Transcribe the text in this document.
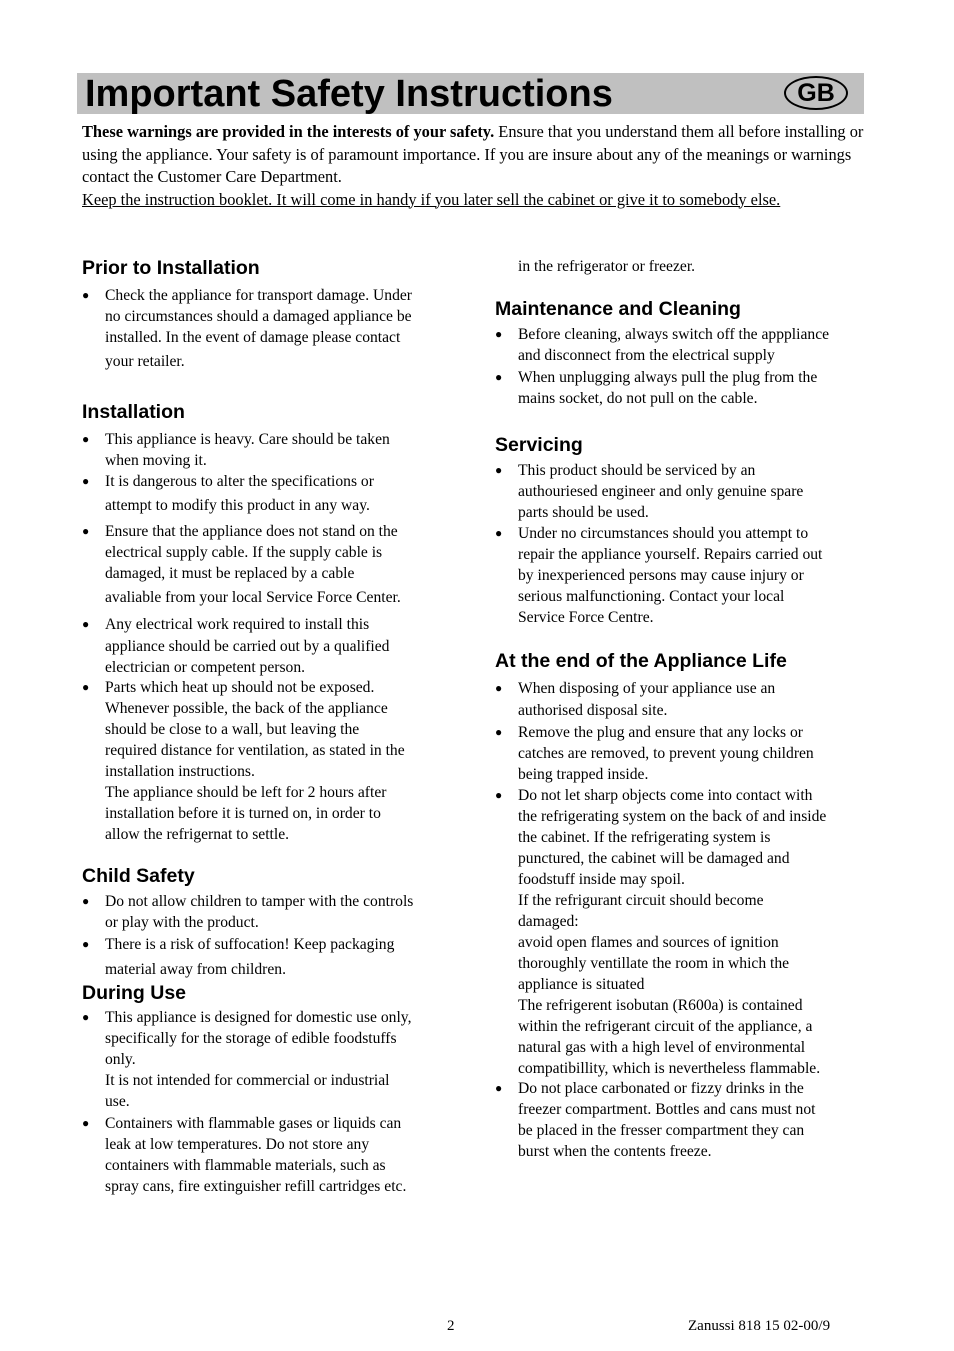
Important Safety Instructions	GB
These warnings are provided in the interests of your safety. Ensure that you understand them all before installing or using the appliance. Your safety is of paramount importance. If you are insure about any of the meanings or warnings contact the Customer Care Department.
Keep the instruction booklet. It will come in handy if you later sell the cabinet or give it to somebody else.
Prior to Installation
●	Check the appliance for transport damage. Under
no circumstances should a damaged appliance be
installed. In the event of damage please contact
your retailer.
Installation
●	This appliance is heavy. Care should be taken
when moving it.
●	It is dangerous to alter the specifications or
attempt to modify this product in any way.
●	Ensure that the appliance does not stand on the
electrical supply cable. If the supply cable is
damaged, it must be replaced by a cable
avaliable from your local Service Force Center.
●	Any electrical work required to install this
appliance should be carried out by a qualified
electrician or competent person.
●	Parts which heat up should not be exposed.
Whenever possible, the back of the appliance
should be close to a wall, but leaving the
required distance for ventilation, as stated in the
installation instructions.
The appliance should be left for 2 hours after
installation before it is turned on, in order to
allow the refrigernat to settle.
Child Safety
●	Do not allow children to tamper with the controls
or play with the product.
●	There is a risk of suffocation! Keep packaging
material away from children.
During Use
●	This appliance is designed for domestic use only,
specifically for the storage of edible foodstuffs
only.
It is not intended for commercial or industrial
use.
●	Containers with flammable gases or liquids can
leak at low temperatures. Do not store any
containers with flammable materials, such as
spray cans, fire extinguisher refill cartridges etc.
in the refrigerator or freezer.
Maintenance and Cleaning
●	Before cleaning, always switch off the apppliance
and disconnect from the electrical supply
●	When unplugging always pull the plug from the
mains socket, do not pull on the cable.
Servicing
●	This product should be serviced by an
authouriesed engineer and only genuine spare
parts should be used.
●	Under no circumstances should you attempt to
repair the appliance yourself. Repairs carried out
by inexperienced persons may cause injury or
serious malfunctioning. Contact your local
Service Force Centre.
At the end of the Appliance Life
●	When disposing of your appliance use an
authorised disposal site.
●	Remove the plug and ensure that any locks or
catches are removed, to prevent young children
being trapped inside.
●	Do not let sharp objects come into contact with
the refrigerating system on the back of and inside
the cabinet. If the refrigerating system is
punctured, the cabinet will be damaged and
foodstuff inside may spoil.
If the refrigurant circuit should become
damaged:
avoid open flames and sources of ignition
thoroughly ventillate the room in which the
appliance is situated
The refrigerent isobutan (R600a) is contained
within the refrigerant circuit of the appliance, a
natural gas with a high level of environmental
compatibillity, which is nevertheless flammable.
●	Do not place carbonated or fizzy drinks in the
freezer compartment. Bottles and cans must not
be placed in the fresser compartment they can
burst when the contents freeze.
2	Zanussi 818 15 02-00/9
